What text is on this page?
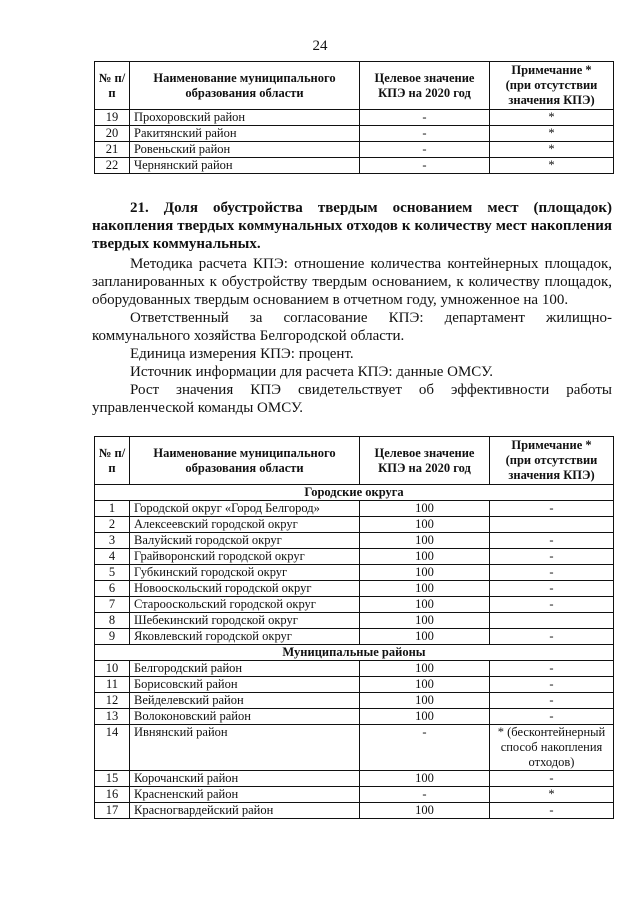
24
№ п/п	Наименование муниципального образования области	Целевое значение КПЭ на 2020 год	Примечание *
(при отсутствии значения КПЭ)
19	Прохоровский район	-	*
20	Ракитянский район	-	*
21	Ровеньский район	-	*
22	Чернянский район	-	*

21. Доля обустройства твердым основанием мест (площадок) накопления твердых коммунальных отходов к количеству мест накопления твердых коммунальных.

Методика расчета КПЭ: отношение количества контейнерных площадок, запланированных к обустройству твердым основанием, к количеству площадок, оборудованных твердым основанием в отчетном году, умноженное на 100.

Ответственный за согласование КПЭ: департамент жилищно-коммунального хозяйства Белгородской области.

Единица измерения КПЭ: процент.

Источник информации для расчета КПЭ: данные ОМСУ.

Рост значения КПЭ свидетельствует об эффективности работы управленческой команды ОМСУ.

№ п/п	Наименование муниципального образования области	Целевое значение КПЭ на 2020 год	Примечание *
(при отсутствии значения КПЭ)
Городские округа			
1	Городской округ «Город Белгород»	100	-
2	Алексеевский городской округ	100	
3	Валуйский городской округ	100	-
4	Грайворонский городской округ	100	-
5	Губкинский городской округ	100	-
6	Новооскольский городской округ	100	-
7	Старооскольский городской округ	100	-
8	Шебекинский городской округ	100	
9	Яковлевский городской округ	100	-
Муниципальные районы			
10	Белгородский район	100	-
11	Борисовский район	100	-
12	Вейделевский район	100	-
13	Волоконовский район	100	-
14	Ивнянский район	-	* (бесконтейнерный способ накопления отходов)
15	Корочанский район	100	-
16	Красненский район	-	*
17	Красногвардейский район	100	-
